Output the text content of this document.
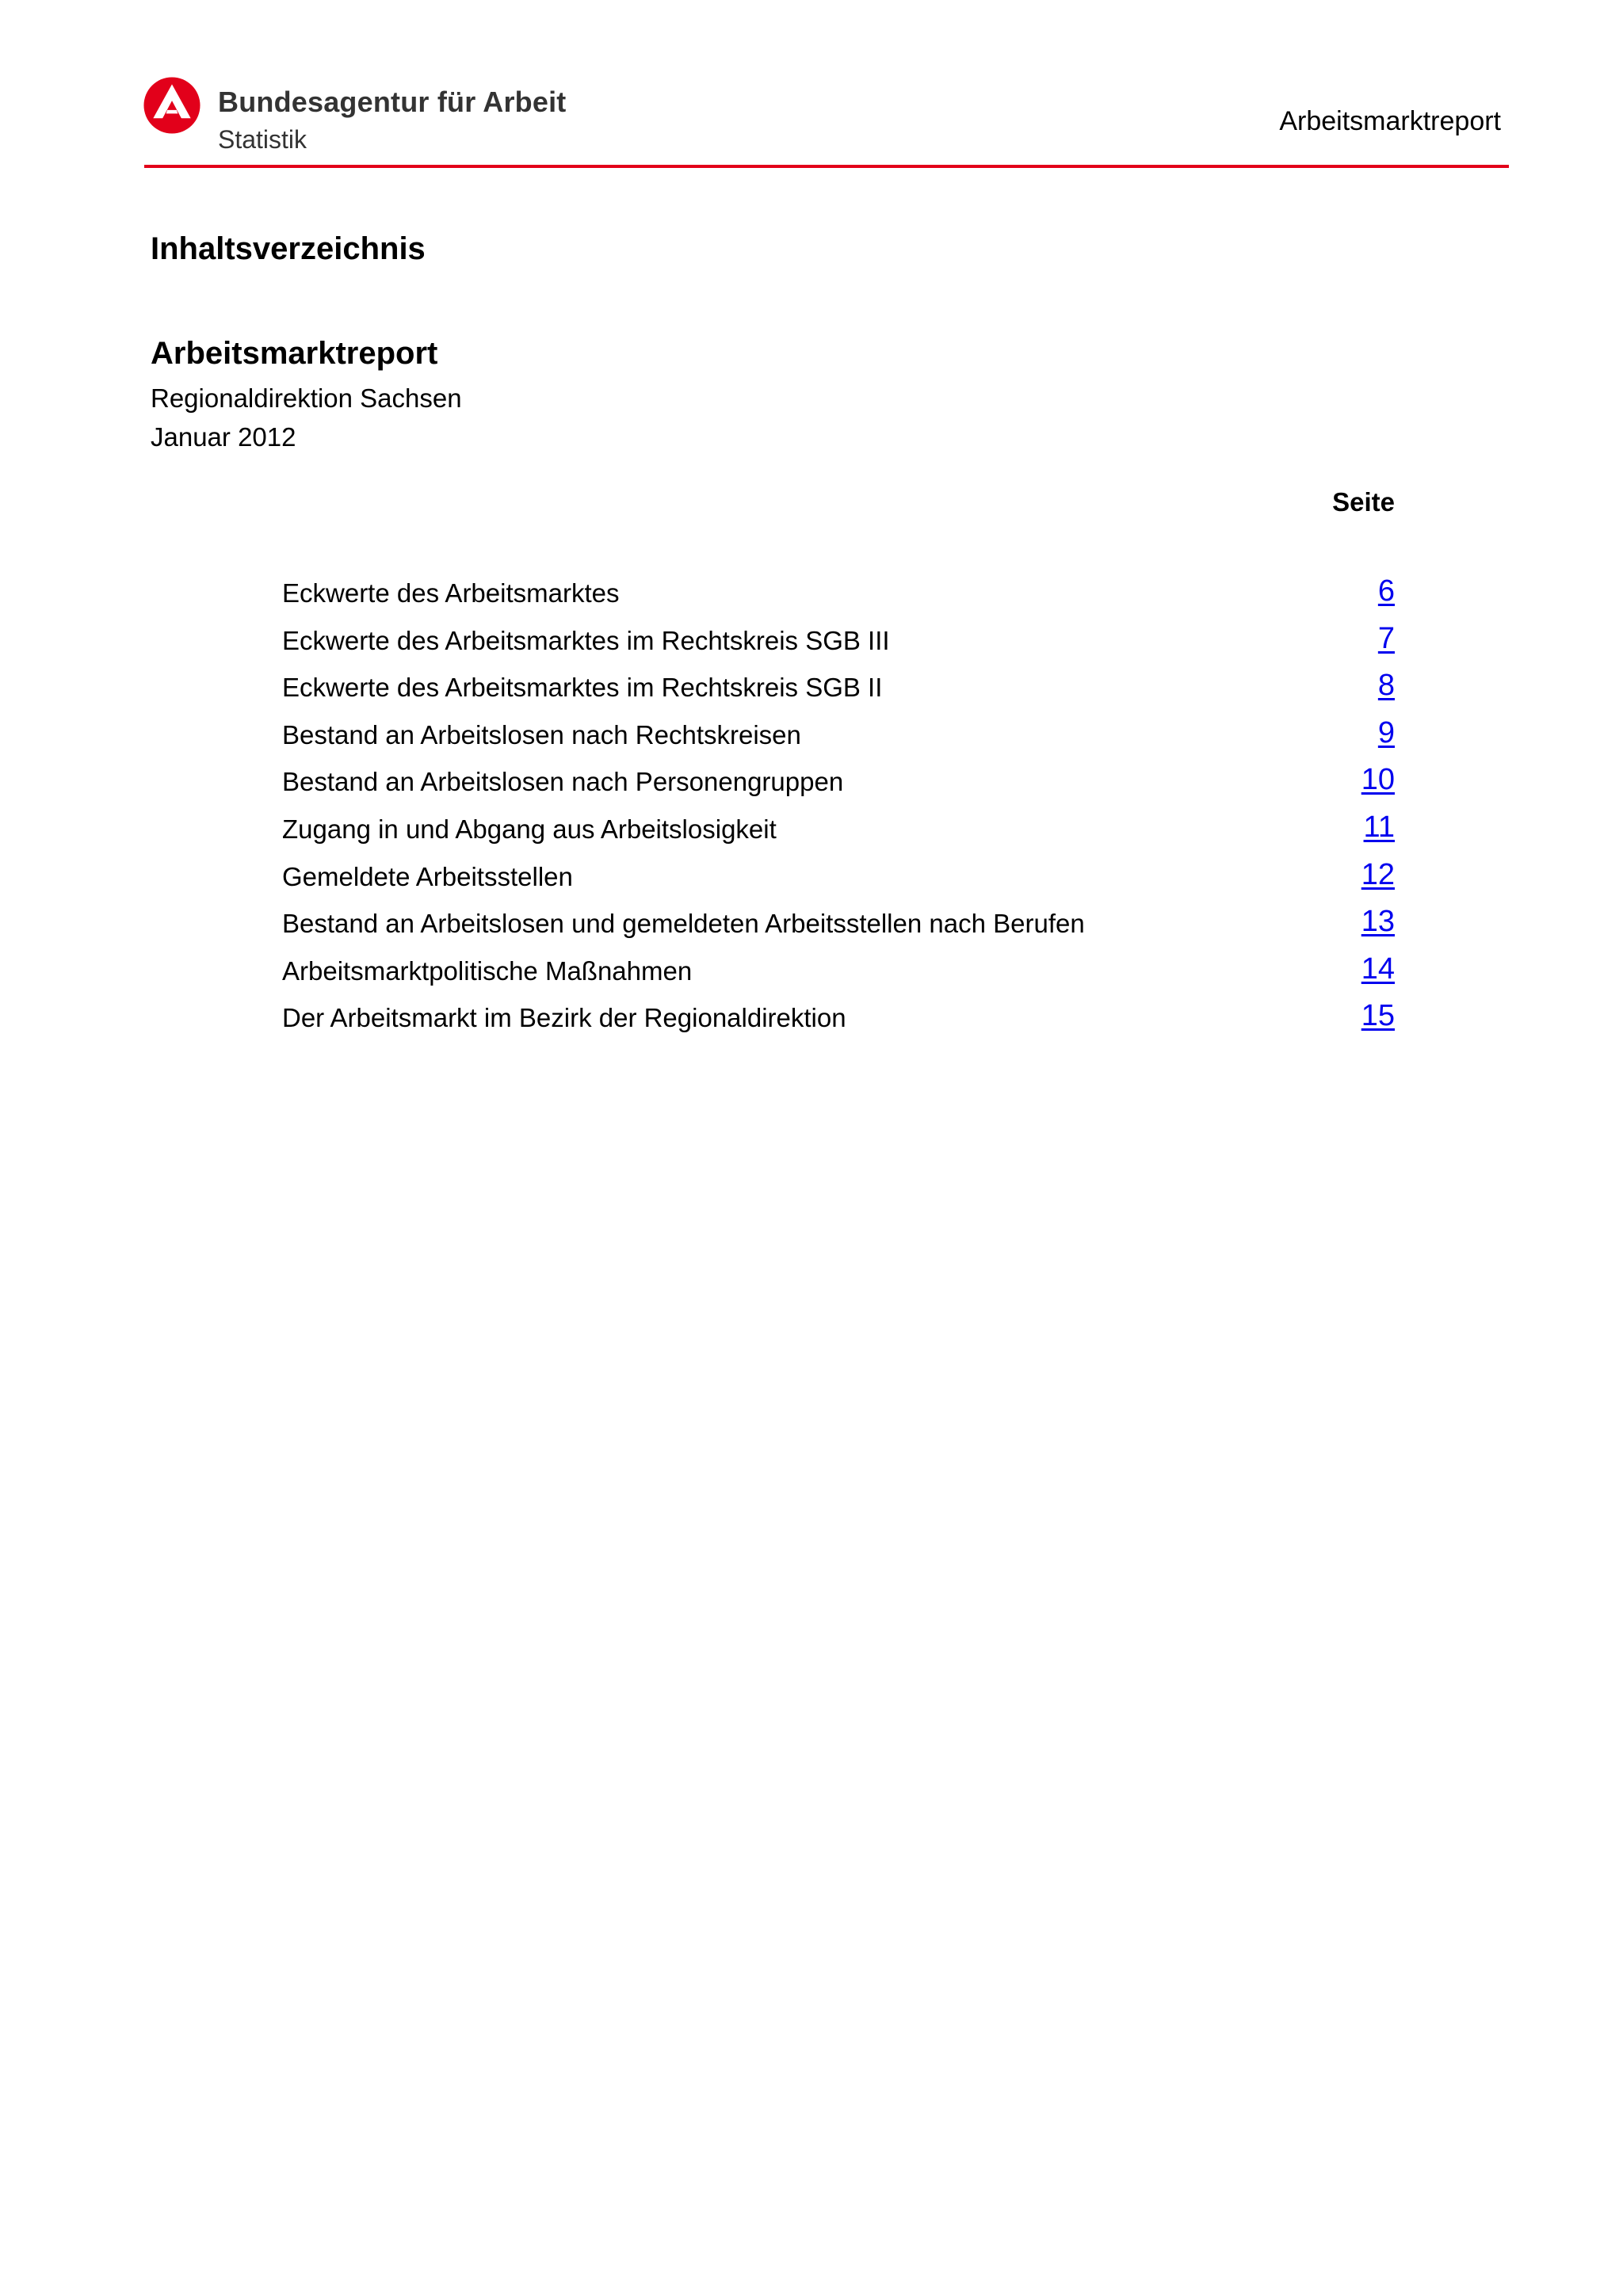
Bundesagentur für Arbeit
Statistik
Arbeitsmarktreport
Inhaltsverzeichnis
Arbeitsmarktreport
Regionaldirektion Sachsen
Januar 2012
Seite
Eckwerte des Arbeitsmarktes	6
Eckwerte des Arbeitsmarktes im Rechtskreis SGB III	7
Eckwerte des Arbeitsmarktes im Rechtskreis SGB II	8
Bestand an Arbeitslosen nach Rechtskreisen	9
Bestand an Arbeitslosen nach Personengruppen	10
Zugang in und Abgang aus Arbeitslosigkeit	11
Gemeldete Arbeitsstellen	12
Bestand an Arbeitslosen und gemeldeten Arbeitsstellen nach Berufen	13
Arbeitsmarktpolitische Maßnahmen	14
Der Arbeitsmarkt im Bezirk der Regionaldirektion	15
